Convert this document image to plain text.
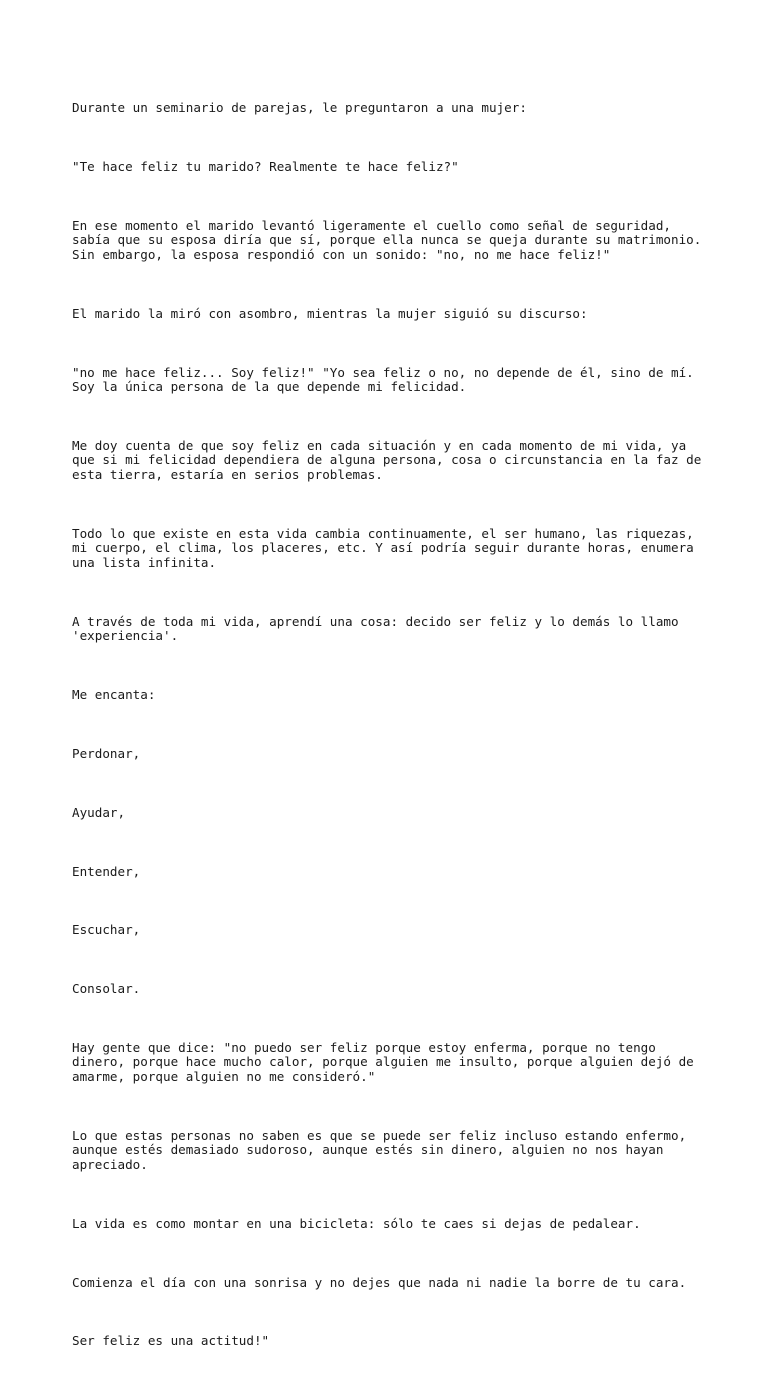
Durante un seminario de parejas, le preguntaron a una mujer:

"Te hace feliz tu marido? Realmente te hace feliz?"

En ese momento el marido levantó ligeramente el cuello como señal de seguridad,
sabía que su esposa diría que sí, porque ella nunca se queja durante su matrimonio.
Sin embargo, la esposa respondió con un sonido: "no, no me hace feliz!"

El marido la miró con asombro, mientras la mujer siguió su discurso:

"no me hace feliz... Soy feliz!" "Yo sea feliz o no, no depende de él, sino de mí.
Soy la única persona de la que depende mi felicidad.

Me doy cuenta de que soy feliz en cada situación y en cada momento de mi vida, ya
que si mi felicidad dependiera de alguna persona, cosa o circunstancia en la faz de
esta tierra, estaría en serios problemas.

Todo lo que existe en esta vida cambia continuamente, el ser humano, las riquezas,
mi cuerpo, el clima, los placeres, etc. Y así podría seguir durante horas, enumera
una lista infinita.

A través de toda mi vida, aprendí una cosa: decido ser feliz y lo demás lo llamo
'experiencia'.

Me encanta:

Perdonar,

Ayudar,

Entender,

Escuchar,

Consolar.

Hay gente que dice: "no puedo ser feliz porque estoy enferma, porque no tengo
dinero, porque hace mucho calor, porque alguien me insulto, porque alguien dejó de
amarme, porque alguien no me consideró."

Lo que estas personas no saben es que se puede ser feliz incluso estando enfermo,
aunque estés demasiado sudoroso, aunque estés sin dinero, alguien no nos hayan
apreciado.

La vida es como montar en una bicicleta: sólo te caes si dejas de pedalear.

Comienza el día con una sonrisa y no dejes que nada ni nadie la borre de tu cara.

Ser feliz es una actitud!"
